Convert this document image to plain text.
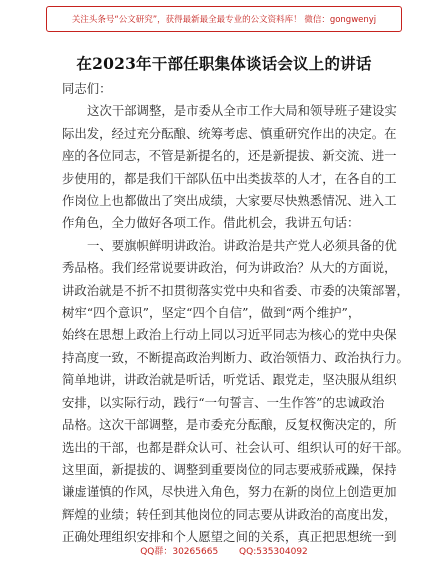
关注头条号“公文研究”，获得最新最全最专业的公文资料库！ 微信：gongwenyj
在2023年干部任职集体谈话会议上的讲话
同志们：
这次干部调整，是市委从全市工作大局和领导班子建设实
际出发，经过充分酝酿、统筹考虑、慎重研究作出的决定。在
座的各位同志，不管是新提名的，还是新提拔、新交流、进一
步使用的，都是我们干部队伍中出类拔萃的人才，在各自的工
作岗位上也都做出了突出成绩，大家要尽快熟悉情况、进入工
作角色，全力做好各项工作。借此机会，我讲五句话：
一、要旗帜鲜明讲政治。讲政治是共产党人必须具备的优
秀品格。我们经常说要讲政治，何为讲政治？从大的方面说，
讲政治就是不折不扣贯彻落实党中央和省委、市委的决策部署，
树牢“四个意识”，坚定“四个自信”，做到“两个维护”，
始终在思想上政治上行动上同以习近平同志为核心的党中央保
持高度一致，不断提高政治判断力、政治领悟力、政治执行力。
简单地讲，讲政治就是听话，听党话、跟党走，坚决服从组织
安排，以实际行动，践行“一句誓言、一生作答”的忠诚政治
品格。这次干部调整，是市委充分酝酿，反复权衡决定的，所
选出的干部，也都是群众认可、社会认可、组织认可的好干部。
这里面，新提拔的、调整到重要岗位的同志要戒骄戒躁，保持
谦虚谨慎的作风，尽快进入角色，努力在新的岗位上创造更加
辉煌的业绩；转任到其他岗位的同志要从讲政治的高度出发，
正确处理组织安排和个人愿望之间的关系，真正把思想统一到
QQ群：30265665 QQ:535304092
